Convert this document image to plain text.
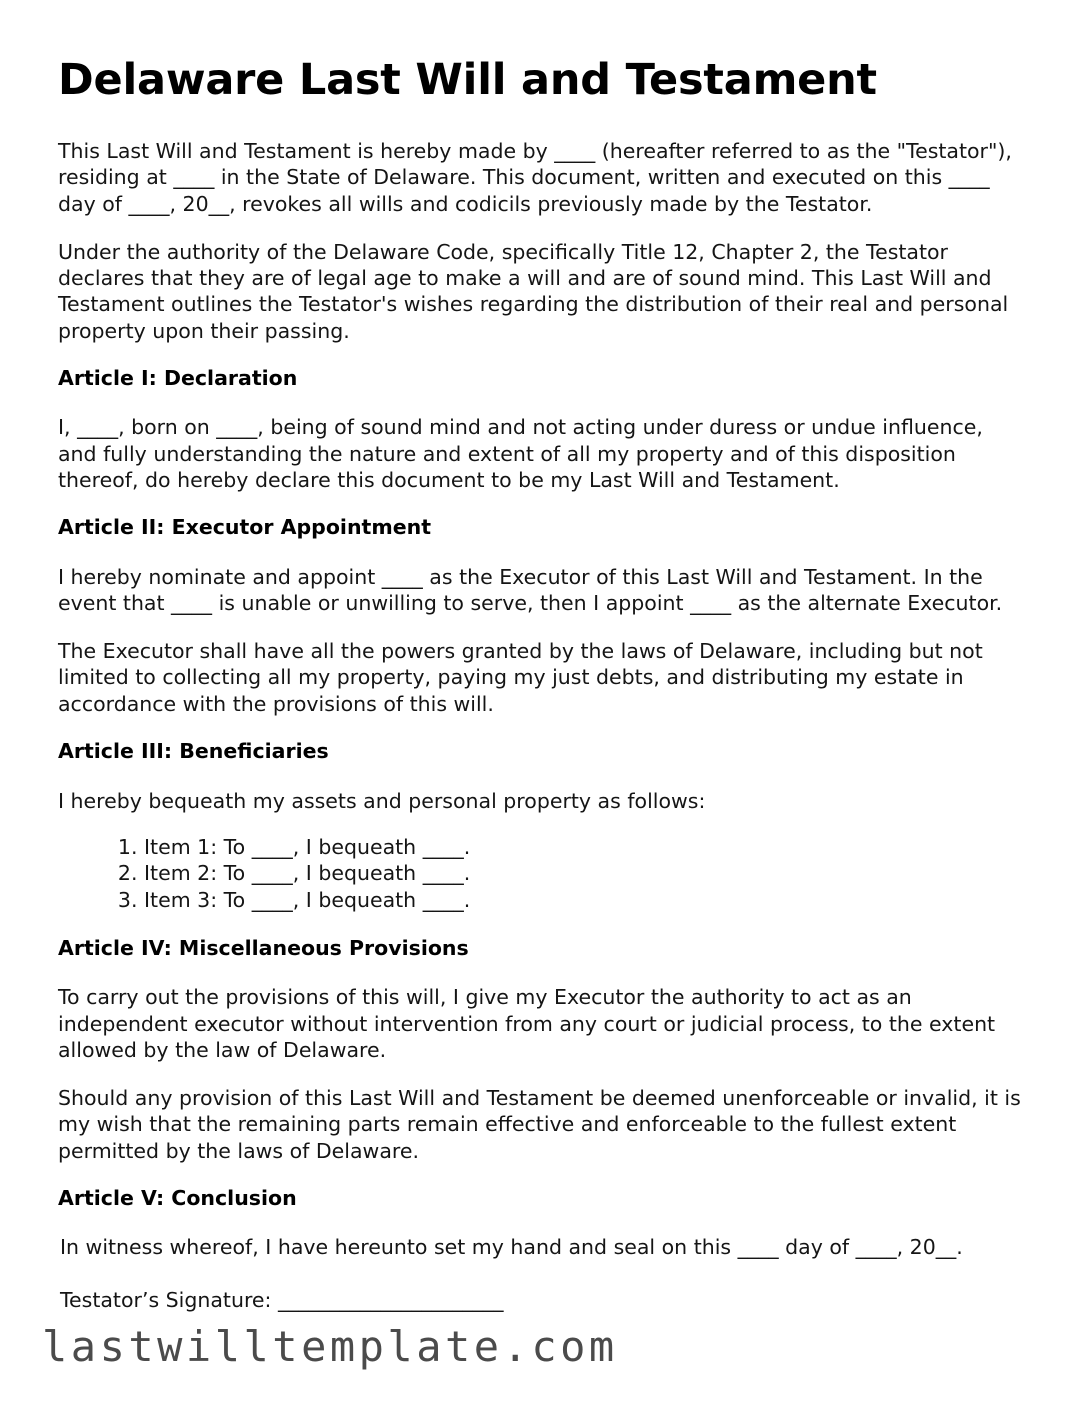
Delaware Last Will and Testament

This Last Will and Testament is hereby made by ____ (hereafter referred to as the "Testator"), residing at ____ in the State of Delaware. This document, written and executed on this ____ day of ____, 20__, revokes all wills and codicils previously made by the Testator.

Under the authority of the Delaware Code, specifically Title 12, Chapter 2, the Testator declares that they are of legal age to make a will and are of sound mind. This Last Will and Testament outlines the Testator's wishes regarding the distribution of their real and personal property upon their passing.

Article I: Declaration

I, ____, born on ____, being of sound mind and not acting under duress or undue influence, and fully understanding the nature and extent of all my property and of this disposition thereof, do hereby declare this document to be my Last Will and Testament.

Article II: Executor Appointment

I hereby nominate and appoint ____ as the Executor of this Last Will and Testament. In the event that ____ is unable or unwilling to serve, then I appoint ____ as the alternate Executor.

The Executor shall have all the powers granted by the laws of Delaware, including but not limited to collecting all my property, paying my just debts, and distributing my estate in accordance with the provisions of this will.

Article III: Beneficiaries

I hereby bequeath my assets and personal property as follows:

1. Item 1: To ____, I bequeath ____.
2. Item 2: To ____, I bequeath ____.
3. Item 3: To ____, I bequeath ____.
Article IV: Miscellaneous Provisions

To carry out the provisions of this will, I give my Executor the authority to act as an independent executor without intervention from any court or judicial process, to the extent allowed by the law of Delaware.

Should any provision of this Last Will and Testament be deemed unenforceable or invalid, it is my wish that the remaining parts remain effective and enforceable to the fullest extent permitted by the laws of Delaware.

Article V: Conclusion

In witness whereof, I have hereunto set my hand and seal on this ____ day of ____, 20__.

Testator’s Signature: ______________________

lastwilltemplate.com
